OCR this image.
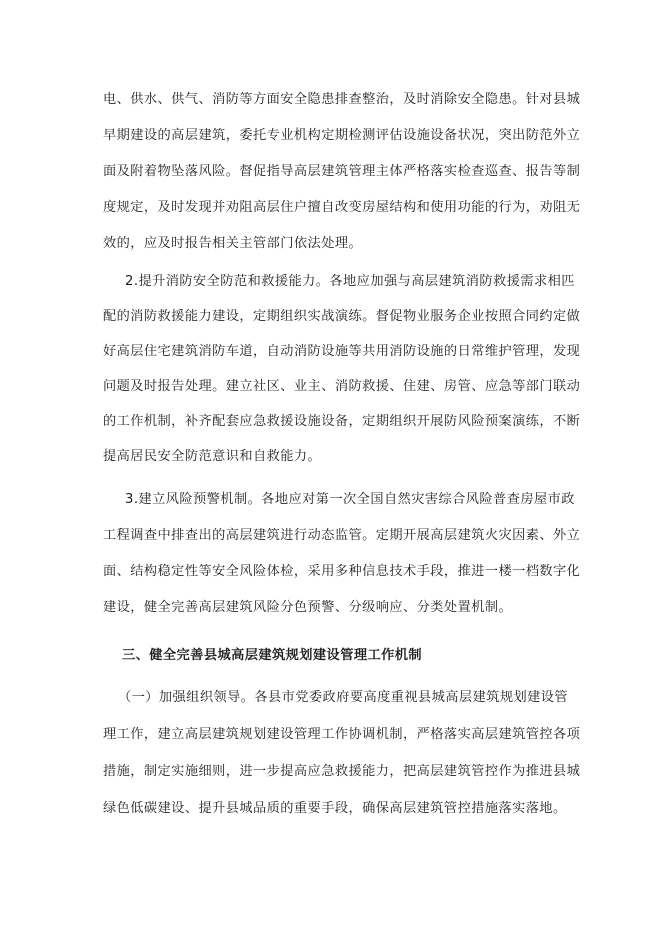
电、供水、供气、消防等方面安全隐患排查整治，及时消除安全隐患。针对县城
早期建设的高层建筑，委托专业机构定期检测评估设施设备状况，突出防范外立
面及附着物坠落风险。督促指导高层建筑管理主体严格落实检查巡查、报告等制
度规定，及时发现并劝阻高层住户擅自改变房屋结构和使用功能的行为，劝阻无
效的，应及时报告相关主管部门依法处理。
2.提升消防安全防范和救援能力。各地应加强与高层建筑消防救援需求相匹
配的消防救援能力建设，定期组织实战演练。督促物业服务企业按照合同约定做
好高层住宅建筑消防车道，自动消防设施等共用消防设施的日常维护管理，发现
问题及时报告处理。建立社区、业主、消防救援、住建、房管、应急等部门联动
的工作机制，补齐配套应急救援设施设备，定期组织开展防风险预案演练，不断
提高居民安全防范意识和自救能力。
3.建立风险预警机制。各地应对第一次全国自然灾害综合风险普查房屋市政
工程调查中排查出的高层建筑进行动态监管。定期开展高层建筑火灾因素、外立
面、结构稳定性等安全风险体检，采用多种信息技术手段，推进一楼一档数字化
建设，健全完善高层建筑风险分色预警、分级响应、分类处置机制。
三、健全完善县城高层建筑规划建设管理工作机制
（一）加强组织领导。各县市党委政府要高度重视县城高层建筑规划建设管
理工作，建立高层建筑规划建设管理工作协调机制，严格落实高层建筑管控各项
措施，制定实施细则，进一步提高应急救援能力，把高层建筑管控作为推进县城
绿色低碳建设、提升县城品质的重要手段，确保高层建筑管控措施落实落地。
